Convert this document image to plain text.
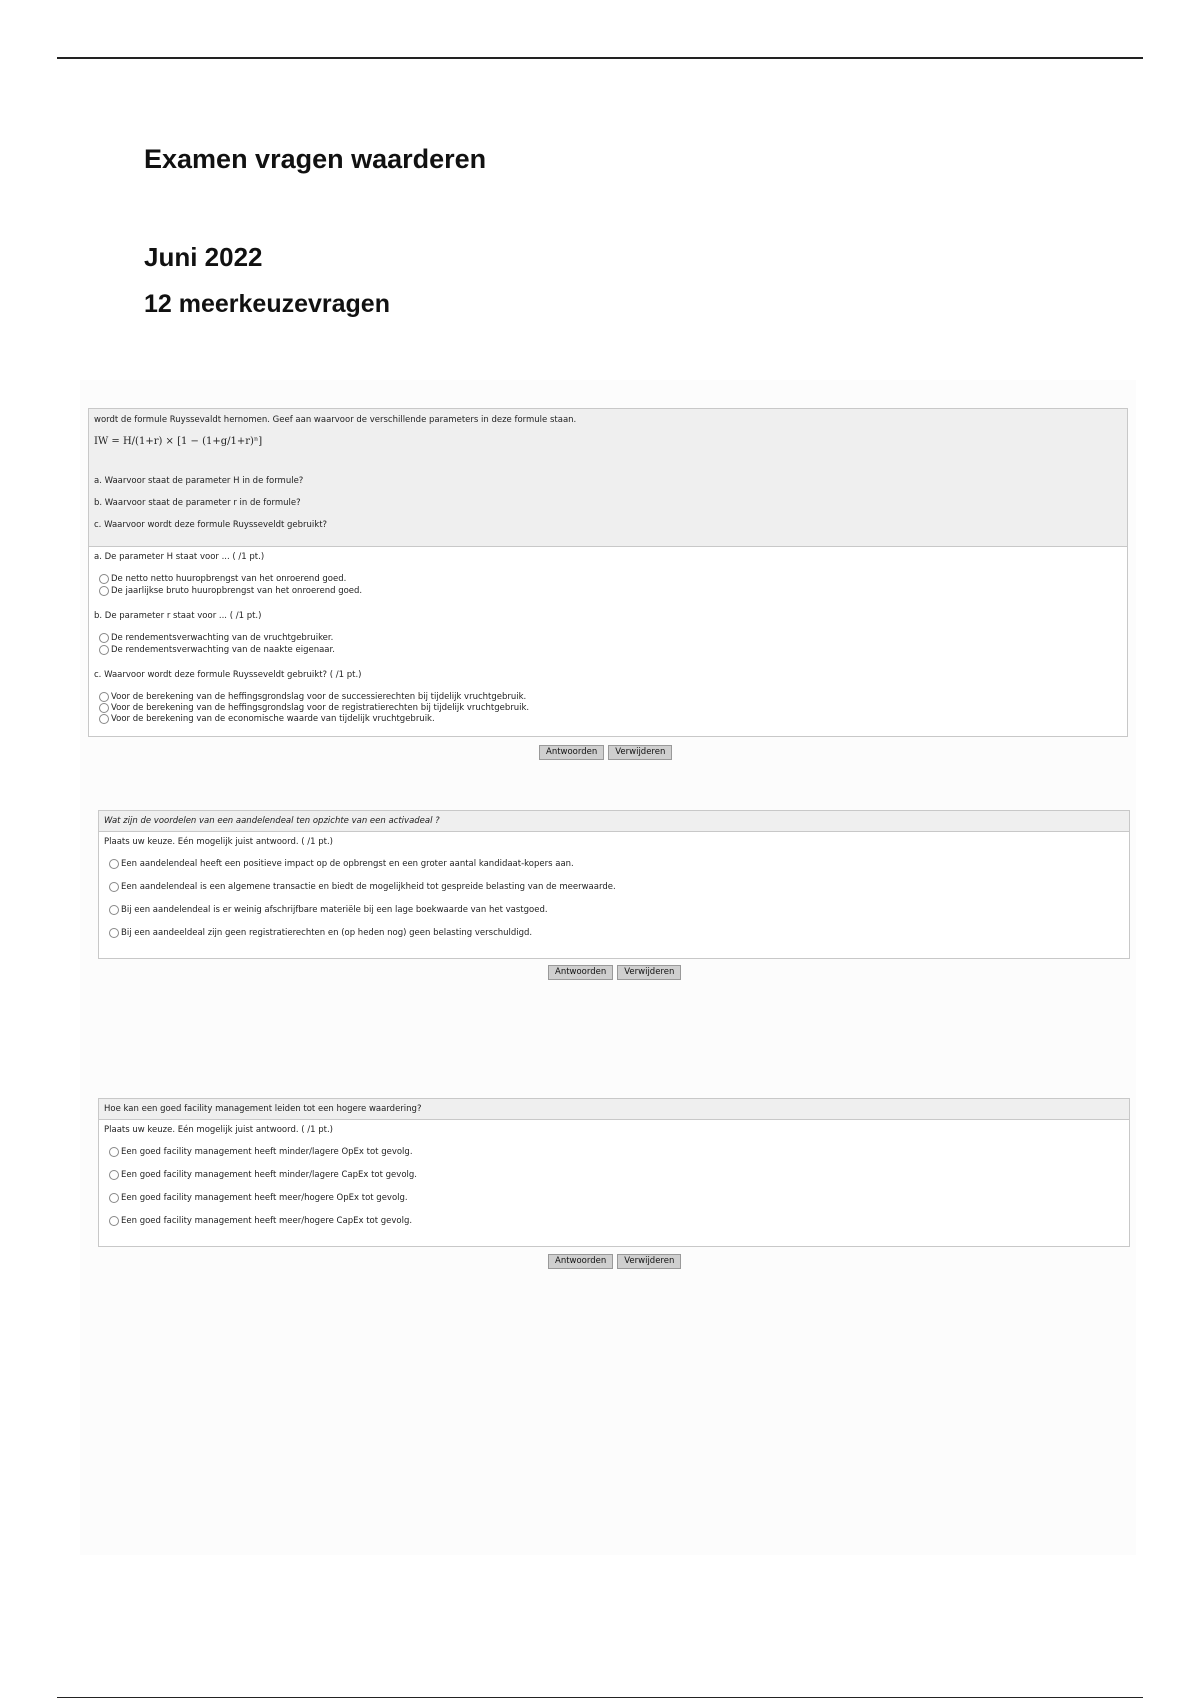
Examen vragen waarderen
Juni 2022
12 meerkeuzevragen
wordt de formule Ruyssevaldt hernomen. Geef aan waarvoor de verschillende parameters in deze formule staan.
IW = H/(1+r) × [1 − (1+g/1+r)ⁿ]
a. Waarvoor staat de parameter H in de formule?
b. Waarvoor staat de parameter r in de formule?
c. Waarvoor wordt deze formule Ruysseveldt gebruikt?
a. De parameter H staat voor ... ( /1 pt.)
De netto netto huuropbrengst van het onroerend goed.
De jaarlijkse bruto huuropbrengst van het onroerend goed.
b. De parameter r staat voor ... ( /1 pt.)
De rendementsverwachting van de vruchtgebruiker.
De rendementsverwachting van de naakte eigenaar.
c. Waarvoor wordt deze formule Ruysseveldt gebruikt? ( /1 pt.)
Voor de berekening van de heffingsgrondslag voor de successierechten bij tijdelijk vruchtgebruik.
Voor de berekening van de heffingsgrondslag voor de registratierechten bij tijdelijk vruchtgebruik.
Voor de berekening van de economische waarde van tijdelijk vruchtgebruik.
Antwoorden	Verwijderen
Wat zijn de voordelen van een aandelendeal ten opzichte van een activadeal ?
Plaats uw keuze. Eén mogelijk juist antwoord. ( /1 pt.)
Een aandelendeal heeft een positieve impact op de opbrengst en een groter aantal kandidaat-kopers aan.
Een aandelendeal is een algemene transactie en biedt de mogelijkheid tot gespreide belasting van de meerwaarde.
Bij een aandelendeal is er weinig afschrijfbare materiële bij een lage boekwaarde van het vastgoed.
Bij een aandeeldeal zijn geen registratierechten en (op heden nog) geen belasting verschuldigd.
Antwoorden	Verwijderen
Hoe kan een goed facility management leiden tot een hogere waardering?
Plaats uw keuze. Eén mogelijk juist antwoord. ( /1 pt.)
Een goed facility management heeft minder/lagere OpEx tot gevolg.
Een goed facility management heeft minder/lagere CapEx tot gevolg.
Een goed facility management heeft meer/hogere OpEx tot gevolg.
Een goed facility management heeft meer/hogere CapEx tot gevolg.
Antwoorden	Verwijderen
